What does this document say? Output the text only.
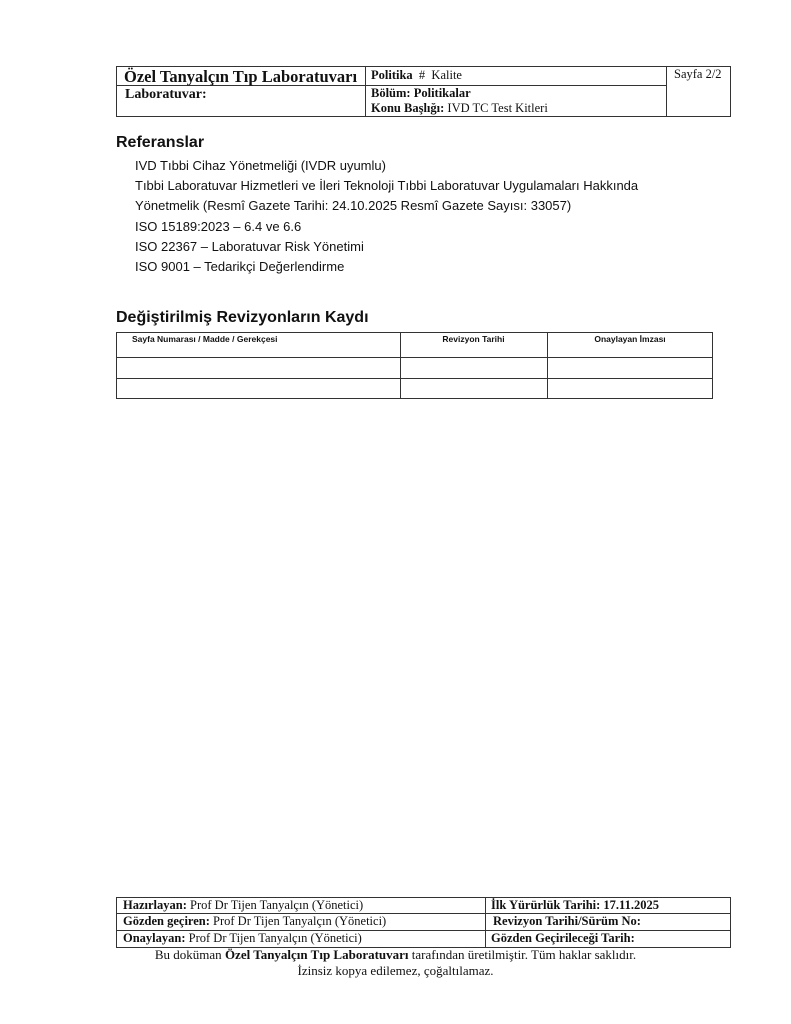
Özel Tanyalçın Tıp Laboratuvarı
Laboratuvar:
Politika # Kalite
Bölüm: Politikalar
Konu Başlığı: IVD TC Test Kitleri
Sayfa 2/2
Referanslar
IVD Tıbbi Cihaz Yönetmeliği (IVDR uyumlu)
Tıbbi Laboratuvar Hizmetleri ve İleri Teknoloji Tıbbi Laboratuvar Uygulamaları Hakkında
Yönetmelik (Resmî Gazete Tarihi: 24.10.2025 Resmî Gazete Sayısı: 33057)
ISO 15189:2023 – 6.4 ve 6.6
ISO 22367 – Laboratuvar Risk Yönetimi
ISO 9001 – Tedarikçi Değerlendirme
Değiştirilmiş Revizyonların Kaydı
Sayfa Numarası / Madde / Gerekçesi	Revizyon Tarihi	Onaylayan İmzası
Hazırlayan: Prof Dr Tijen Tanyalçın (Yönetici)
Gözden geçiren: Prof Dr Tijen Tanyalçın (Yönetici)
Onaylayan: Prof Dr Tijen Tanyalçın (Yönetici)
İlk Yürürlük Tarihi: 17.11.2025
Revizyon Tarihi/Sürüm No:
Gözden Geçirileceği Tarih:
Bu doküman Özel Tanyalçın Tıp Laboratuvarı tarafından üretilmiştir. Tüm haklar saklıdır.
İzinsiz kopya edilemez, çoğaltılamaz.
